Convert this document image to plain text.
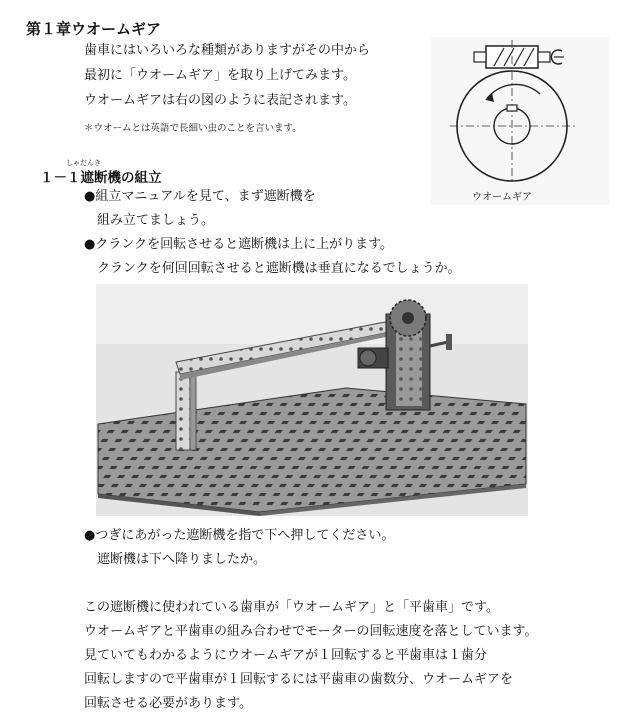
第１章ウオームギア
歯車にはいろいろな種類がありますがその中から
最初に「ウオームギア」を取り上げてみます。
ウオームギアは右の図のように表記されます。
＊ウオームとは英語で長細い虫のことを言います。
ウオームギア
しゃだんき
１－１遮断機の組立
●組立マニュアルを見て、まず遮断機を
組み立てましょう。
●クランクを回転させると遮断機は上に上がります。
クランクを何回回転させると遮断機は垂直になるでしょうか。
●つぎにあがった遮断機を指で下へ押してください。
遮断機は下へ降りましたか。
この遮断機に使われている歯車が「ウオームギア」と「平歯車」です。
ウオームギアと平歯車の組み合わせでモーターの回転速度を落としています。
見ていてもわかるようにウオームギアが１回転すると平歯車は１歯分
回転しますので平歯車が１回転するには平歯車の歯数分、ウオームギアを
回転させる必要があります。
